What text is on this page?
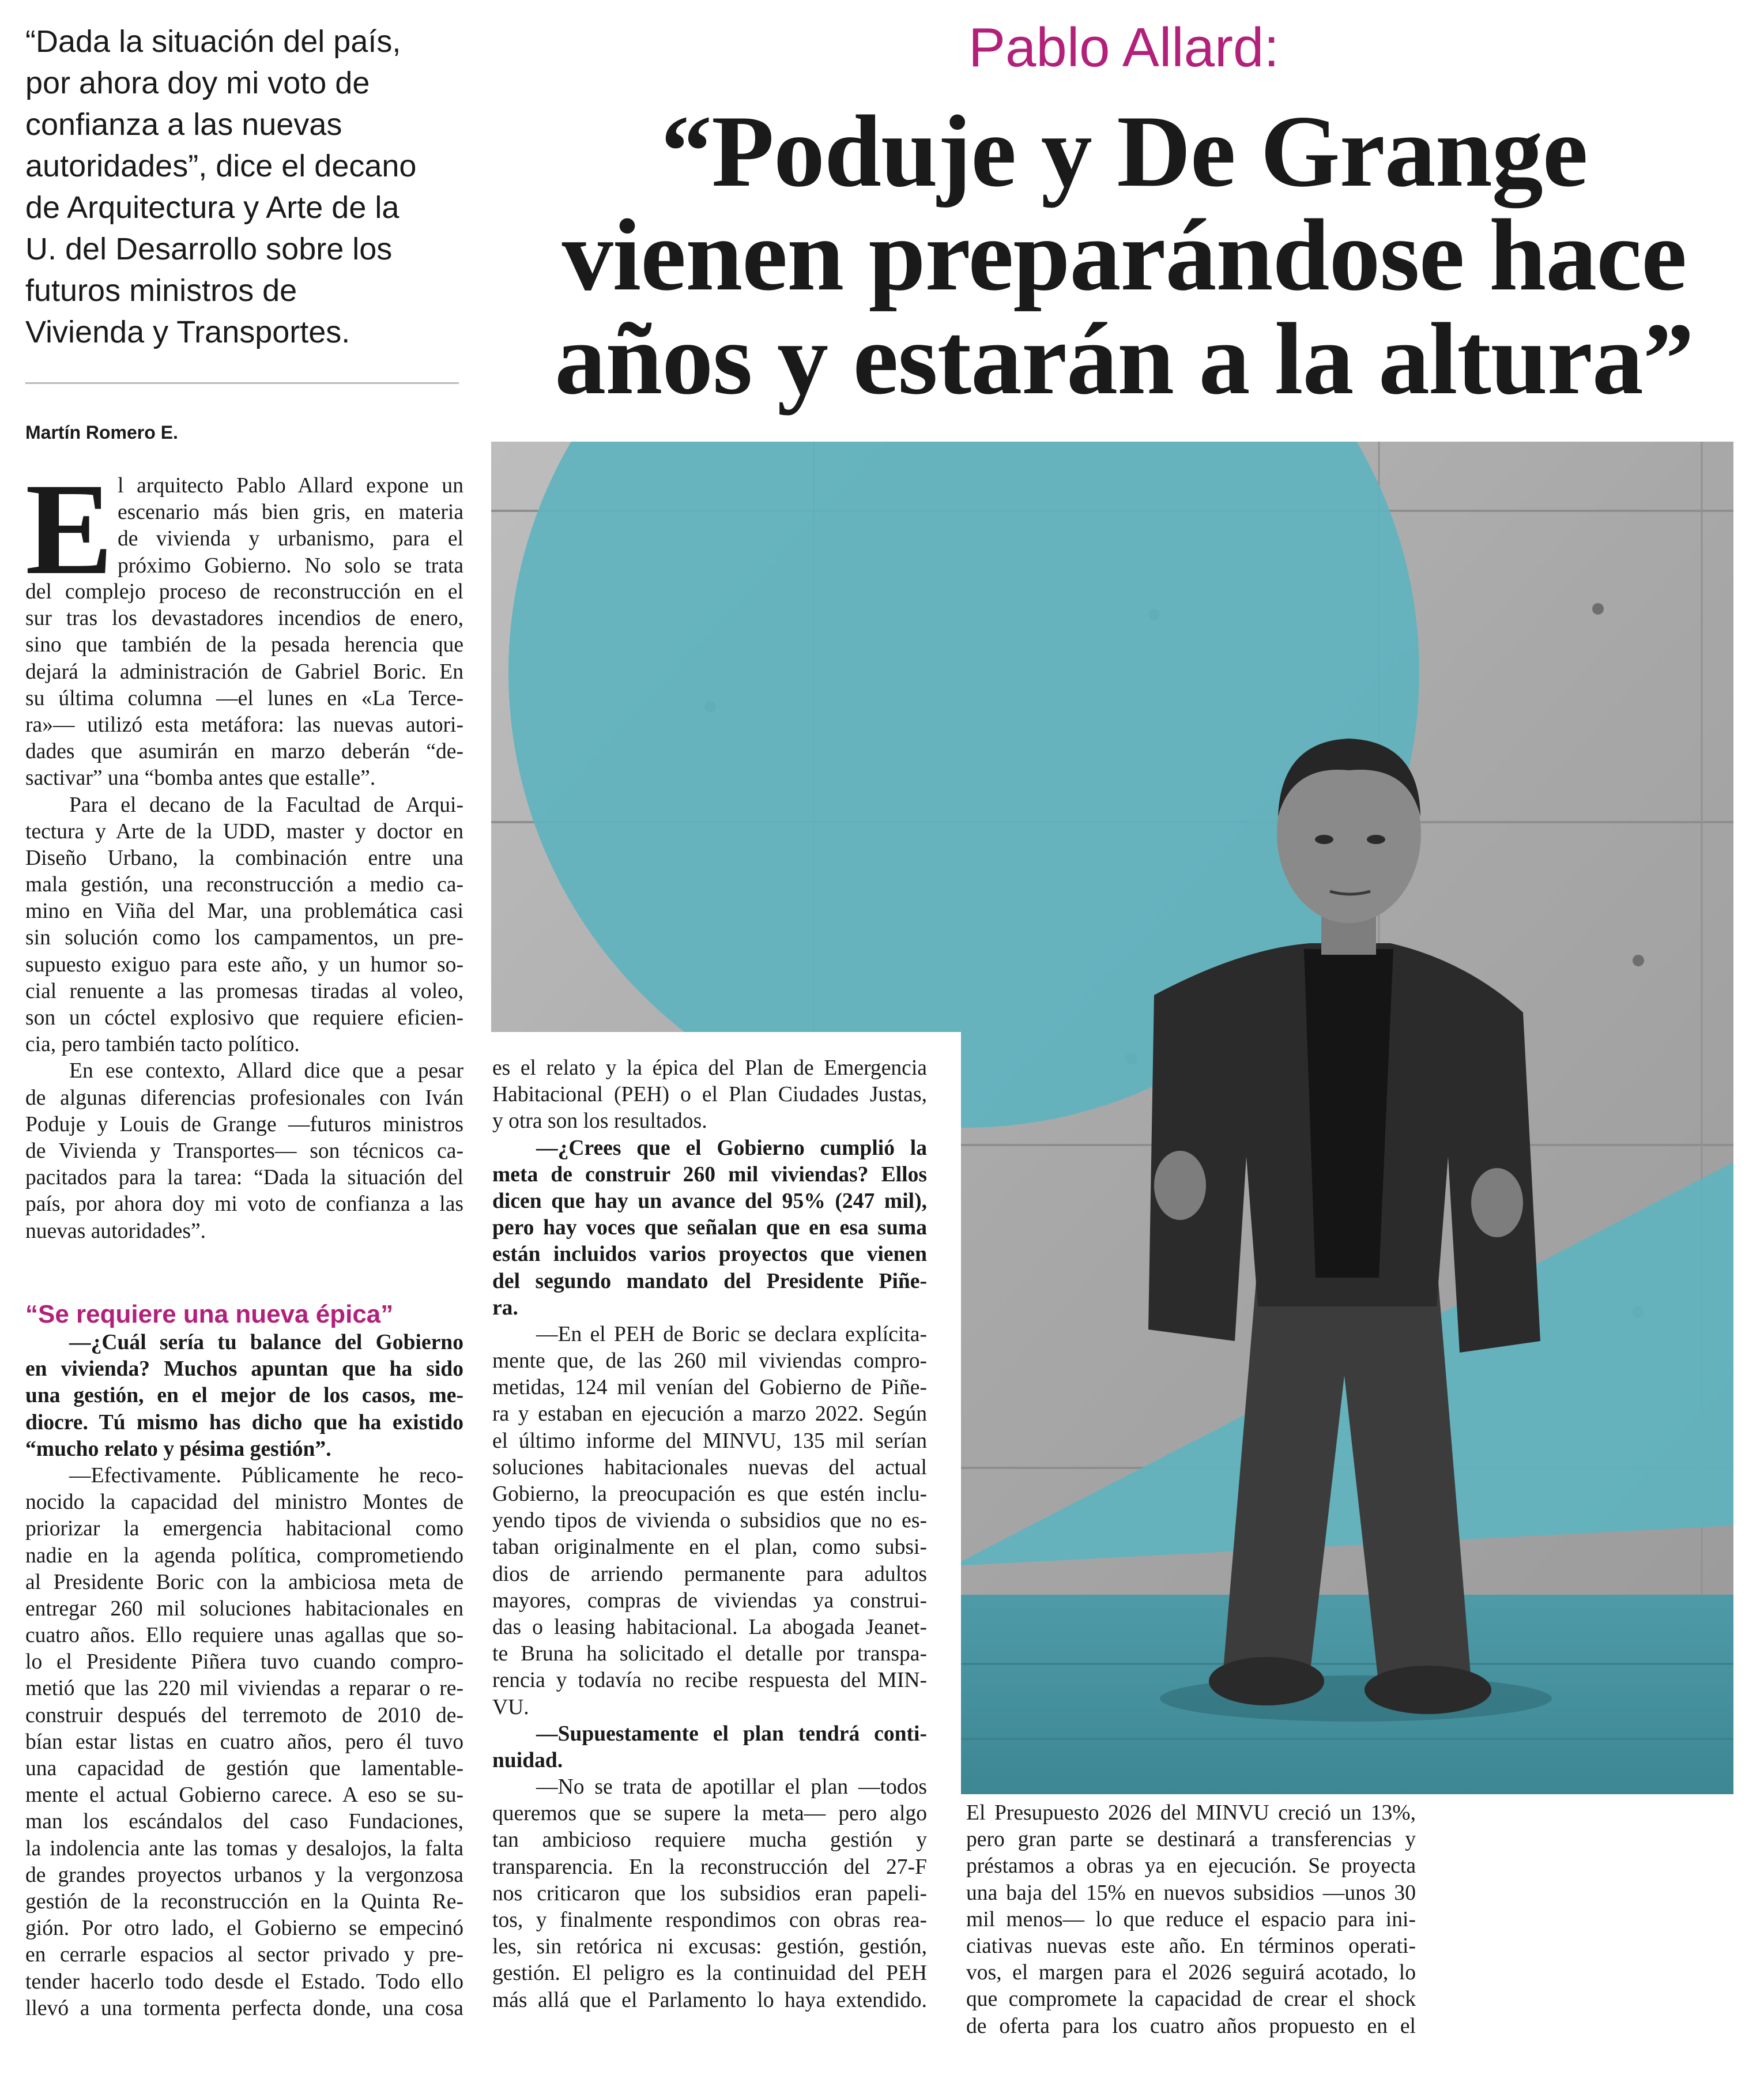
“Dada la situación del país,
por ahora doy mi voto de
confianza a las nuevas
autoridades”, dice el decano
de Arquitectura y Arte de la
U. del Desarrollo sobre los
futuros ministros de
Vivienda y Transportes.
Martín Romero E.
Pablo Allard:
“Poduje y De Grange
vienen preparándose hace
años y estarán a la altura”
E l arquitecto Pablo Allard expone un
escenario más bien gris, en materia
de vivienda y urbanismo, para el
próximo Gobierno. No solo se trata
del complejo proceso de reconstrucción en el
sur tras los devastadores incendios de enero,
sino que también de la pesada herencia que
dejará la administración de Gabriel Boric. En
su última columna —el lunes en «La Terce-
ra»— utilizó esta metáfora: las nuevas autori-
dades que asumirán en marzo deberán “de-
sactivar” una “bomba antes que estalle”.
Para el decano de la Facultad de Arqui-
tectura y Arte de la UDD, master y doctor en
Diseño Urbano, la combinación entre una
mala gestión, una reconstrucción a medio ca-
mino en Viña del Mar, una problemática casi
sin solución como los campamentos, un pre-
supuesto exiguo para este año, y un humor so-
cial renuente a las promesas tiradas al voleo,
son un cóctel explosivo que requiere eficien-
cia, pero también tacto político.
En ese contexto, Allard dice que a pesar
de algunas diferencias profesionales con Iván
Poduje y Louis de Grange —futuros ministros
de Vivienda y Transportes— son técnicos ca-
pacitados para la tarea: “Dada la situación del
país, por ahora doy mi voto de confianza a las
nuevas autoridades”.
“Se requiere una nueva épica”
—¿Cuál sería tu balance del Gobierno
en vivienda? Muchos apuntan que ha sido
una gestión, en el mejor de los casos, me-
diocre. Tú mismo has dicho que ha existido
“mucho relato y pésima gestión”.
—Efectivamente. Públicamente he reco-
nocido la capacidad del ministro Montes de
priorizar la emergencia habitacional como
nadie en la agenda política, comprometiendo
al Presidente Boric con la ambiciosa meta de
entregar 260 mil soluciones habitacionales en
cuatro años. Ello requiere unas agallas que so-
lo el Presidente Piñera tuvo cuando compro-
metió que las 220 mil viviendas a reparar o re-
construir después del terremoto de 2010 de-
bían estar listas en cuatro años, pero él tuvo
una capacidad de gestión que lamentable-
mente el actual Gobierno carece. A eso se su-
man los escándalos del caso Fundaciones,
la indolencia ante las tomas y desalojos, la falta
de grandes proyectos urbanos y la vergonzosa
gestión de la reconstrucción en la Quinta Re-
gión. Por otro lado, el Gobierno se empecinó
en cerrarle espacios al sector privado y pre-
tender hacerlo todo desde el Estado. Todo ello
llevó a una tormenta perfecta donde, una cosa
es el relato y la épica del Plan de Emergencia
Habitacional (PEH) o el Plan Ciudades Justas,
y otra son los resultados.
—¿Crees que el Gobierno cumplió la
meta de construir 260 mil viviendas? Ellos
dicen que hay un avance del 95% (247 mil),
pero hay voces que señalan que en esa suma
están incluidos varios proyectos que vienen
del segundo mandato del Presidente Piñe-
ra.
—En el PEH de Boric se declara explícita-
mente que, de las 260 mil viviendas compro-
metidas, 124 mil venían del Gobierno de Piñe-
ra y estaban en ejecución a marzo 2022. Según
el último informe del MINVU, 135 mil serían
soluciones habitacionales nuevas del actual
Gobierno, la preocupación es que estén inclu-
yendo tipos de vivienda o subsidios que no es-
taban originalmente en el plan, como subsi-
dios de arriendo permanente para adultos
mayores, compras de viviendas ya construi-
das o leasing habitacional. La abogada Jeanet-
te Bruna ha solicitado el detalle por transpa-
rencia y todavía no recibe respuesta del MIN-
VU.
—Supuestamente el plan tendrá conti-
nuidad.
—No se trata de apotillar el plan —todos
queremos que se supere la meta— pero algo
tan ambicioso requiere mucha gestión y
transparencia. En la reconstrucción del 27-F
nos criticaron que los subsidios eran papeli-
tos, y finalmente respondimos con obras rea-
les, sin retórica ni excusas: gestión, gestión,
gestión. El peligro es la continuidad del PEH
más allá que el Parlamento lo haya extendido.
El Presupuesto 2026 del MINVU creció un 13%,
pero gran parte se destinará a transferencias y
préstamos a obras ya en ejecución. Se proyecta
una baja del 15% en nuevos subsidios —unos 30
mil menos— lo que reduce el espacio para ini-
ciativas nuevas este año. En términos operati-
vos, el margen para el 2026 seguirá acotado, lo
que compromete la capacidad de crear el shock
de oferta para los cuatro años propuesto en el
